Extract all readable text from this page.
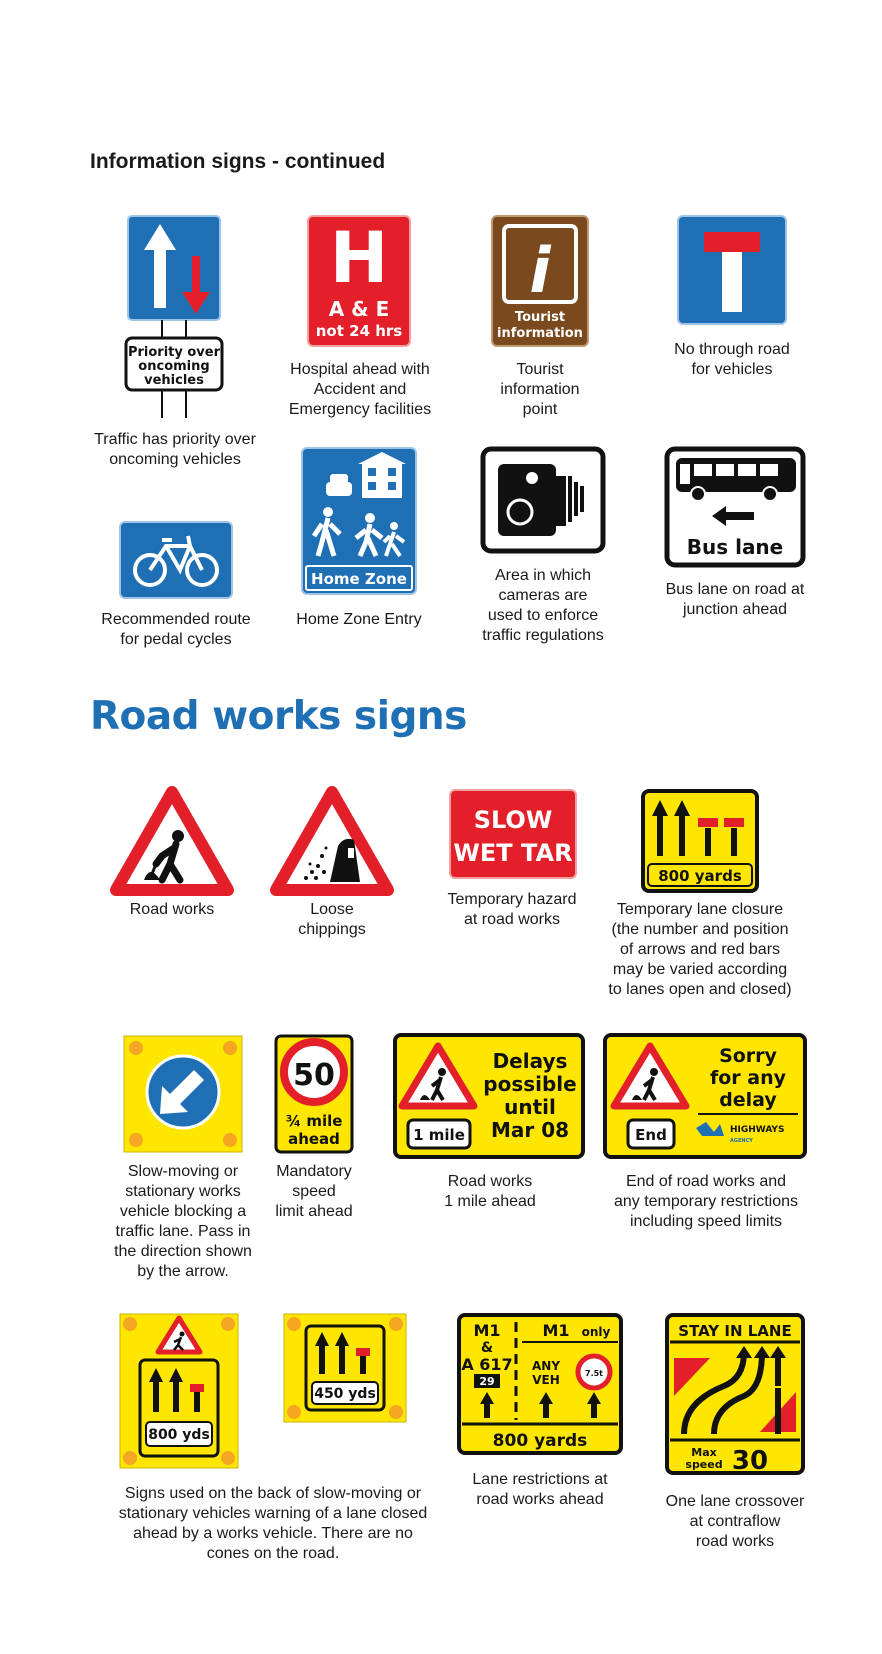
Information signs - continued
Priority over
oncoming
vehicles
Traffic has priority over
oncoming vehicles
H
A & E
not 24 hrs
Hospital ahead with
Accident and
Emergency facilities
i
Tourist
information
Tourist
information
point
No through road
for vehicles
Recommended route
for pedal cycles
Home Zone
Home Zone Entry
Area in which
cameras are
used to enforce
traffic regulations
Bus lane
Bus lane on road at
junction ahead
Road works signs
Road works	Loose
chippings
SLOW
WET TAR
Temporary hazard
at road works
800 yards
Temporary lane closure
(the number and position
of arrows and red bars
may be varied according
to lanes open and closed)
Slow-moving or
stationary works
vehicle blocking a
traffic lane. Pass in
the direction shown
by the arrow.
50
¾ mile
ahead
Mandatory
speed
limit ahead
1 mile
Delays
possible
until
Mar 08
Road works
1 mile ahead
End
Sorry
for any
delay
HIGHWAYS
AGENCY
End of road works and
any temporary restrictions
including speed limits
800 yds
450 yds
Signs used on the back of slow-moving or
stationary vehicles warning of a lane closed
ahead by a works vehicle. There are no
cones on the road.
M1
&
A 617
29
M1 only
ANY
VEH	7.5t
800 yards
Lane restrictions at
road works ahead
STAY IN LANE
Max
speed 30
One lane crossover
at contraflow
road works
